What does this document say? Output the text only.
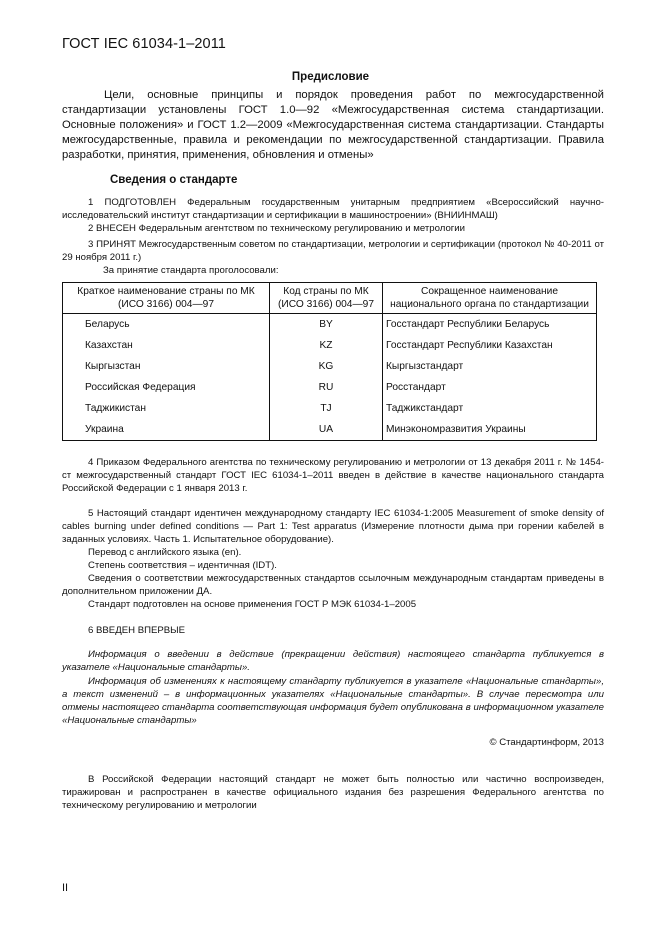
ГОСТ IEC 61034-1–2011
Предисловие
Цели, основные принципы и порядок проведения работ по межгосударственной стандартизации установлены ГОСТ 1.0—92 «Межгосударственная система стандартизации. Основные положения» и ГОСТ 1.2—2009 «Межгосударственная система стандартизации. Стандарты межгосударственные, правила и рекомендации по межгосударственной стандартизации. Правила разработки, принятия, применения, обновления и отмены»
Сведения о стандарте
1 ПОДГОТОВЛЕН Федеральным государственным унитарным предприятием «Всероссийский научно-исследовательский институт стандартизации и сертификации в машиностроении» (ВНИИНМАШ)
2 ВНЕСЕН Федеральным агентством по техническому регулированию и метрологии
3 ПРИНЯТ Межгосударственным советом по стандартизации, метрологии и сертификации (протокол № 40-2011 от 29 ноября 2011 г.)
За принятие стандарта проголосовали:
Краткое наименование страны по МК (ИСО 3166) 004—97	Код страны по МК (ИСО 3166) 004—97	Сокращенное наименование национального органа по стандартизации
Беларусь	BY	Госстандарт Республики Беларусь
Казахстан	KZ	Госстандарт Республики Казахстан
Кыргызстан	KG	Кыргызстандарт
Российская Федерация	RU	Росстандарт
Таджикистан	TJ	Таджикстандарт
Украина	UA	Минэкономразвития Украины
4 Приказом Федерального агентства по техническому регулированию и метрологии от 13 декабря 2011 г. № 1454-ст межгосударственный стандарт ГОСТ IEC 61034-1–2011 введен в действие в качестве национального стандарта Российской Федерации с 1 января 2013 г.
5 Настоящий стандарт идентичен международному стандарту IEC 61034-1:2005 Measurement of smoke density of cables burning under defined conditions — Part 1: Test apparatus (Измерение плотности дыма при горении кабелей в заданных условиях. Часть 1. Испытательное оборудование).
Перевод с английского языка (en).
Степень соответствия – идентичная (IDT).
Сведения о соответствии межгосударственных стандартов ссылочным международным стандартам приведены в дополнительном приложении ДА.
Стандарт подготовлен на основе применения ГОСТ Р МЭК 61034-1–2005
6 ВВЕДЕН ВПЕРВЫЕ
Информация о введении в действие (прекращении действия) настоящего стандарта публикуется в указателе «Национальные стандарты».
Информация об изменениях к настоящему стандарту публикуется в указателе «Национальные стандарты», а текст изменений – в информационных указателях «Национальные стандарты». В случае пересмотра или отмены настоящего стандарта соответствующая информация будет опубликована в информационном указателе «Национальные стандарты»
© Стандартинформ, 2013
В Российской Федерации настоящий стандарт не может быть полностью или частично воспроизведен, тиражирован и распространен в качестве официального издания без разрешения Федерального агентства по техническому регулированию и метрологии
II
